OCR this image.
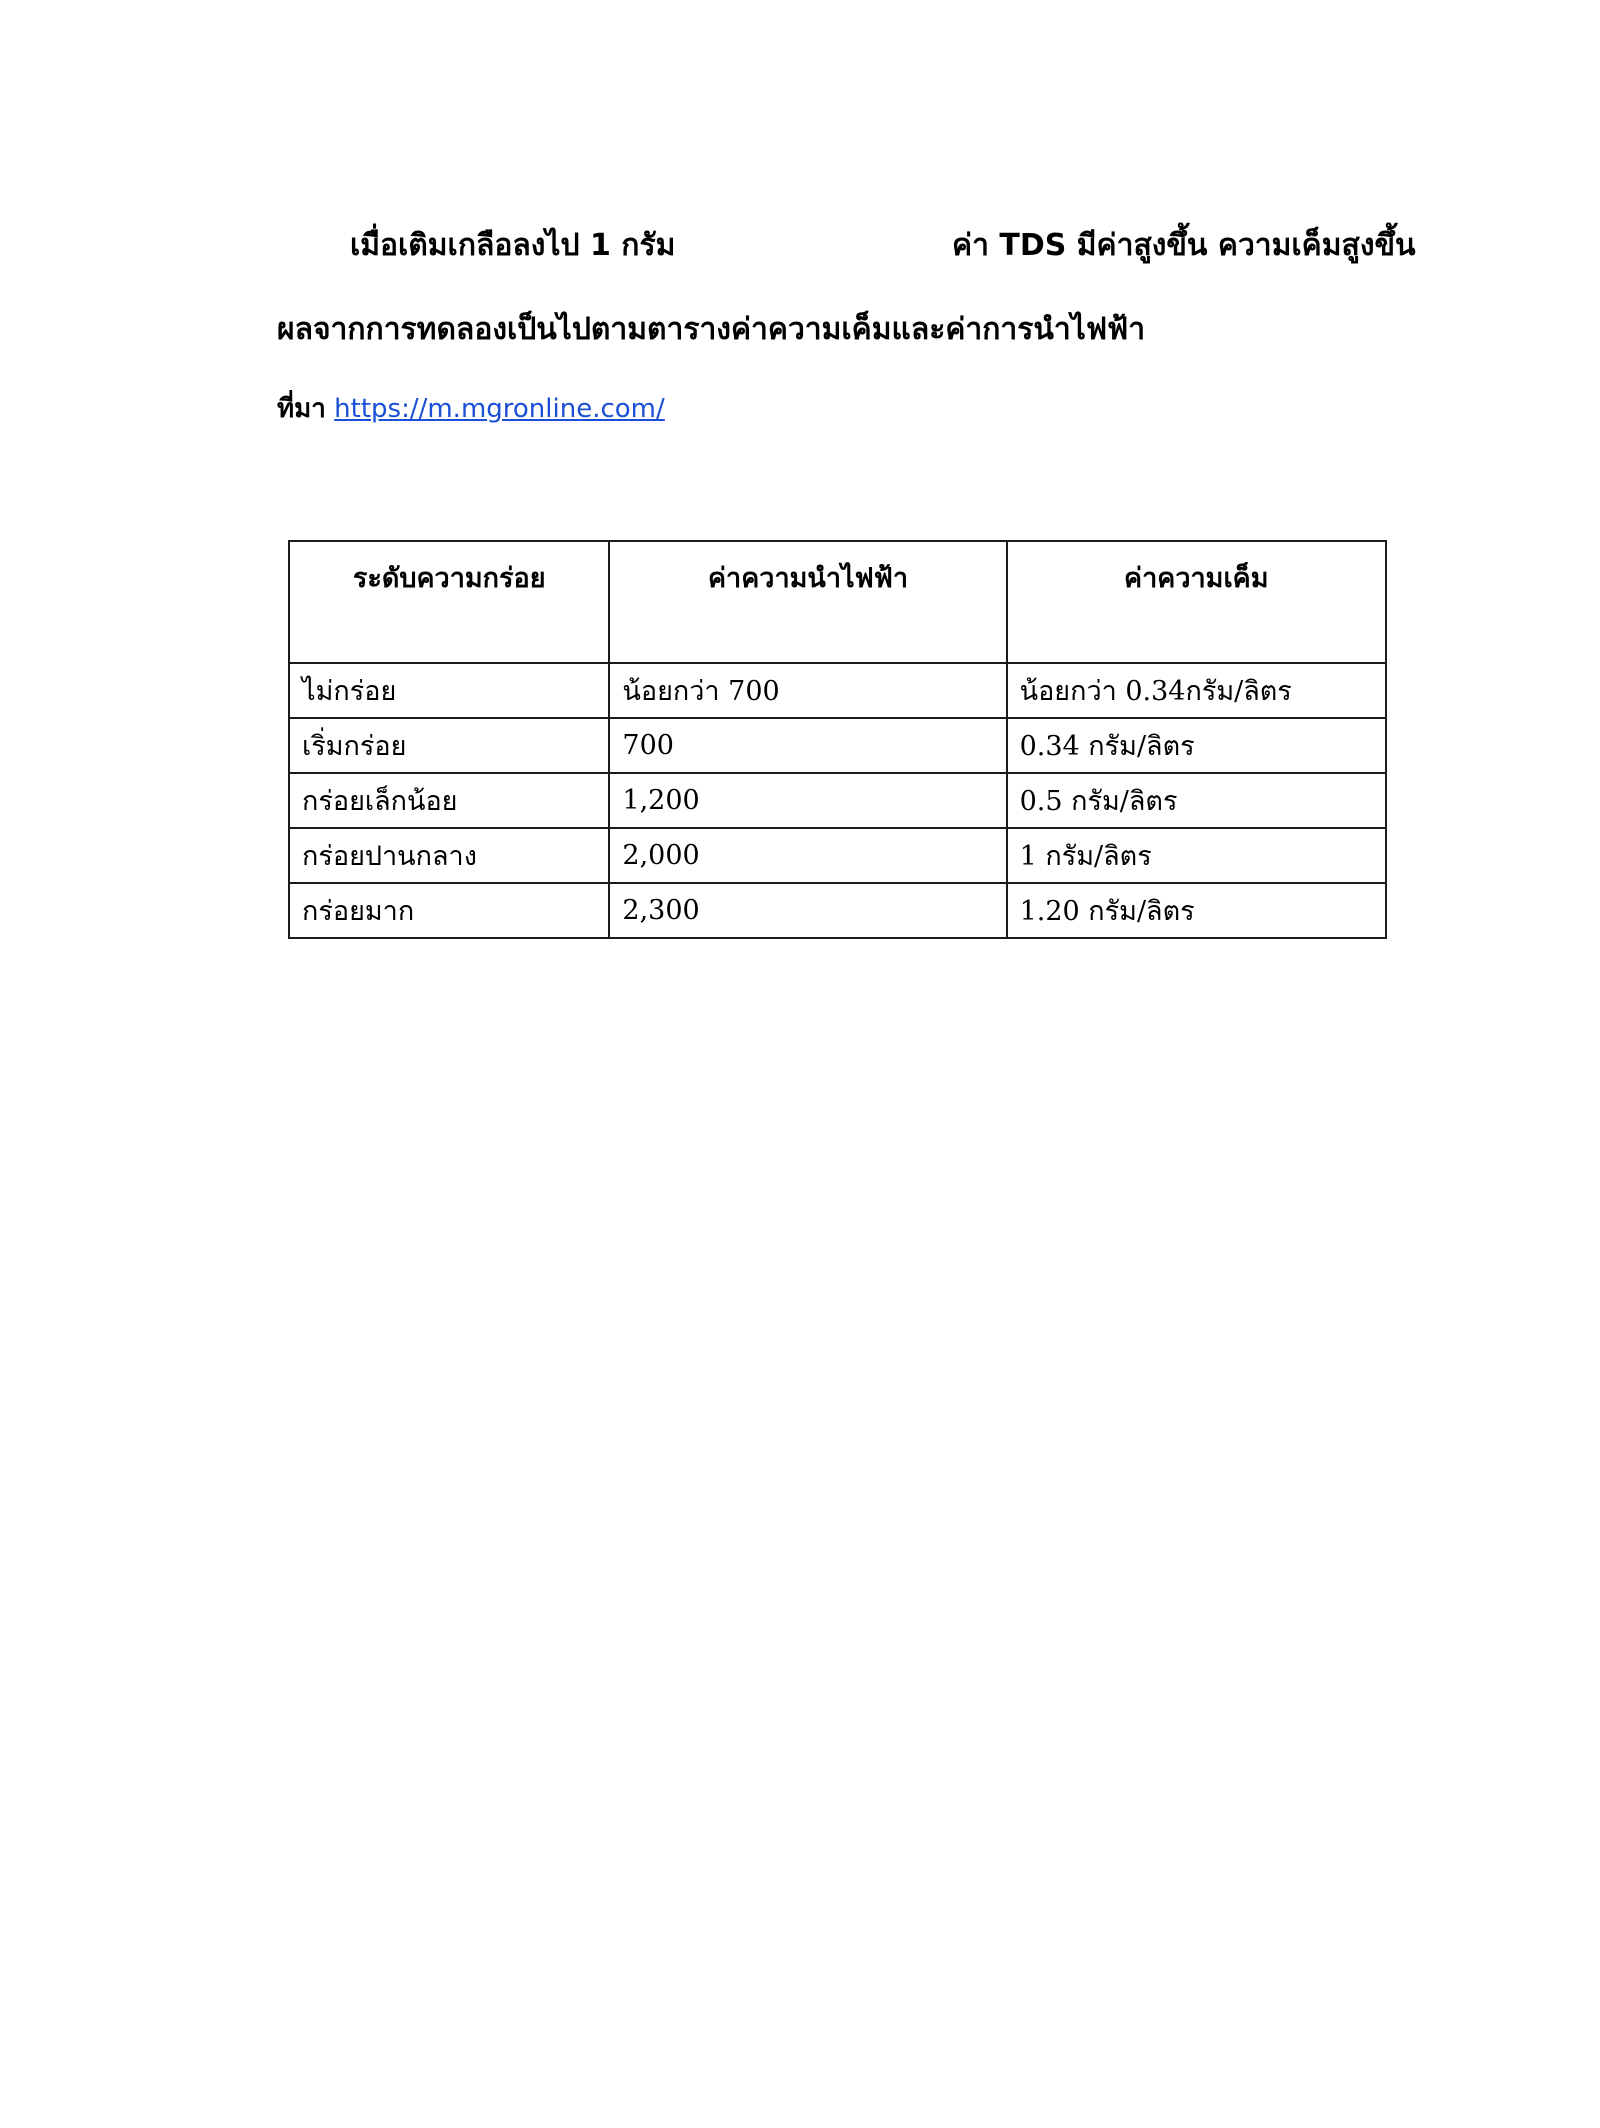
เมื่อเติมเกลือลงไป 1 กรัม	ค่า TDS มีค่าสูงขึ้น ความเค็มสูงขึ้น
ผลจากการทดลองเป็นไปตามตารางค่าความเค็มและค่าการนำไฟฟ้า
ที่มา https://m.mgronline.com/
ระดับความกร่อย	ค่าความนำไฟฟ้า	ค่าความเค็ม
ไม่กร่อย	น้อยกว่า 700	น้อยกว่า 0.34กรัม/ลิตร
เริ่มกร่อย	700	0.34 กรัม/ลิตร
กร่อยเล็กน้อย	1,200	0.5 กรัม/ลิตร
กร่อยปานกลาง	2,000	1 กรัม/ลิตร
กร่อยมาก	2,300	1.20 กรัม/ลิตร
